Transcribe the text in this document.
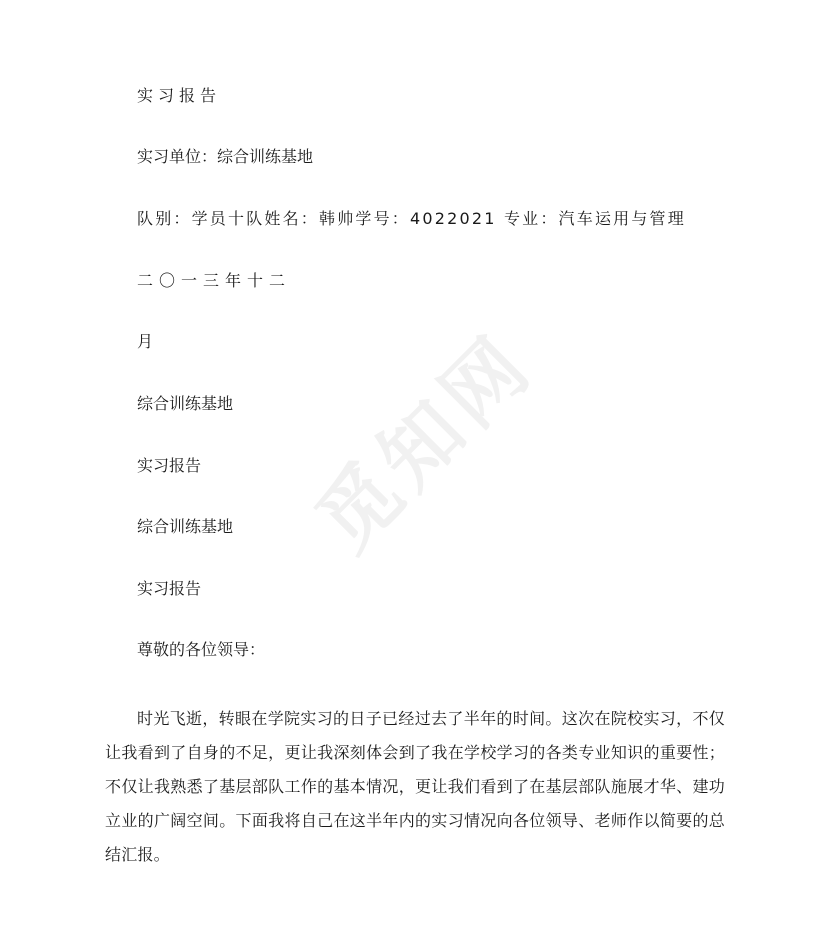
觅知网

实习报告

实习单位：综合训练基地

队别：学员十队姓名：韩帅学号：4022021 专业：汽车运用与管理

二〇一三年十二

月

综合训练基地

实习报告

综合训练基地

实习报告

尊敬的各位领导：

时光飞逝，转眼在学院实习的日子已经过去了半年的时间。这次在院校实习，不仅让我看到了自身的不足，更让我深刻体会到了我在学校学习的各类专业知识的重要性；不仅让我熟悉了基层部队工作的基本情况，更让我们看到了在基层部队施展才华、建功立业的广阔空间。下面我将自己在这半年内的实习情况向各位领导、老师作以简要的总结汇报。
